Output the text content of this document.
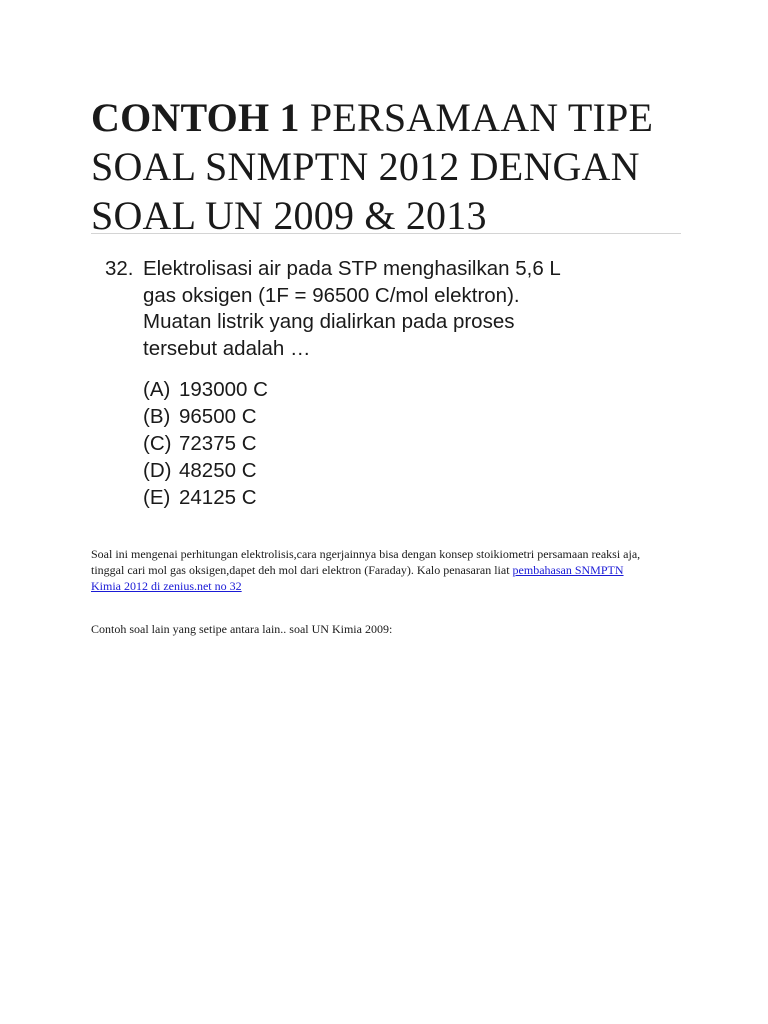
CONTOH 1 PERSAMAAN TIPE SOAL SNMPTN 2012 DENGAN SOAL UN 2009 & 2013
32. Elektrolisasi air pada STP menghasilkan 5,6 L gas oksigen (1F = 96500 C/mol elektron). Muatan listrik yang dialirkan pada proses tersebut adalah …
(A) 193000 C
(B) 96500 C
(C) 72375 C
(D) 48250 C
(E) 24125 C

Soal ini mengenai perhitungan elektrolisis,cara ngerjainnya bisa dengan konsep stoikiometri persamaan reaksi aja, tinggal cari mol gas oksigen,dapet deh mol dari elektron (Faraday). Kalo penasaran liat pembahasan SNMPTN Kimia 2012 di zenius.net no 32

Contoh soal lain yang setipe antara lain.. soal UN Kimia 2009:
